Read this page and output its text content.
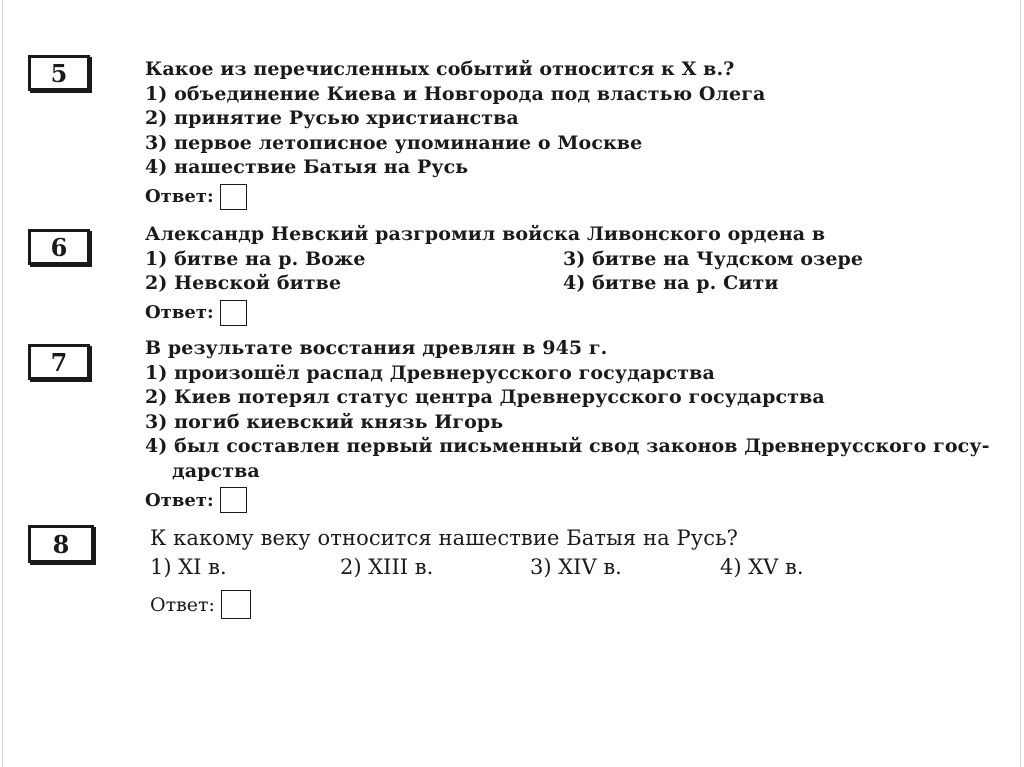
5	Какое из перечисленных событий относится к X в.?
1) объединение Киева и Новгорода под властью Олега
2) принятие Русью христианства
3) первое летописное упоминание о Москве
4) нашествие Батыя на Русь
Ответ:
6	Александр Невский разгромил войска Ливонского ордена в
1) битве на р. Воже	3) битве на Чудском озере
2) Невской битве	4) битве на р. Сити
Ответ:
7	В результате восстания древлян в 945 г.
1) произошёл распад Древнерусского государства
2) Киев потерял статус центра Древнерусского государства
3) погиб киевский князь Игорь
4) был составлен первый письменный свод законов Древнерусского госу-
дарства
Ответ:
8	К какому веку относится нашествие Батыя на Русь?
1) XI в.	2) XIII в.	3) XIV в.	4) XV в.
Ответ:
